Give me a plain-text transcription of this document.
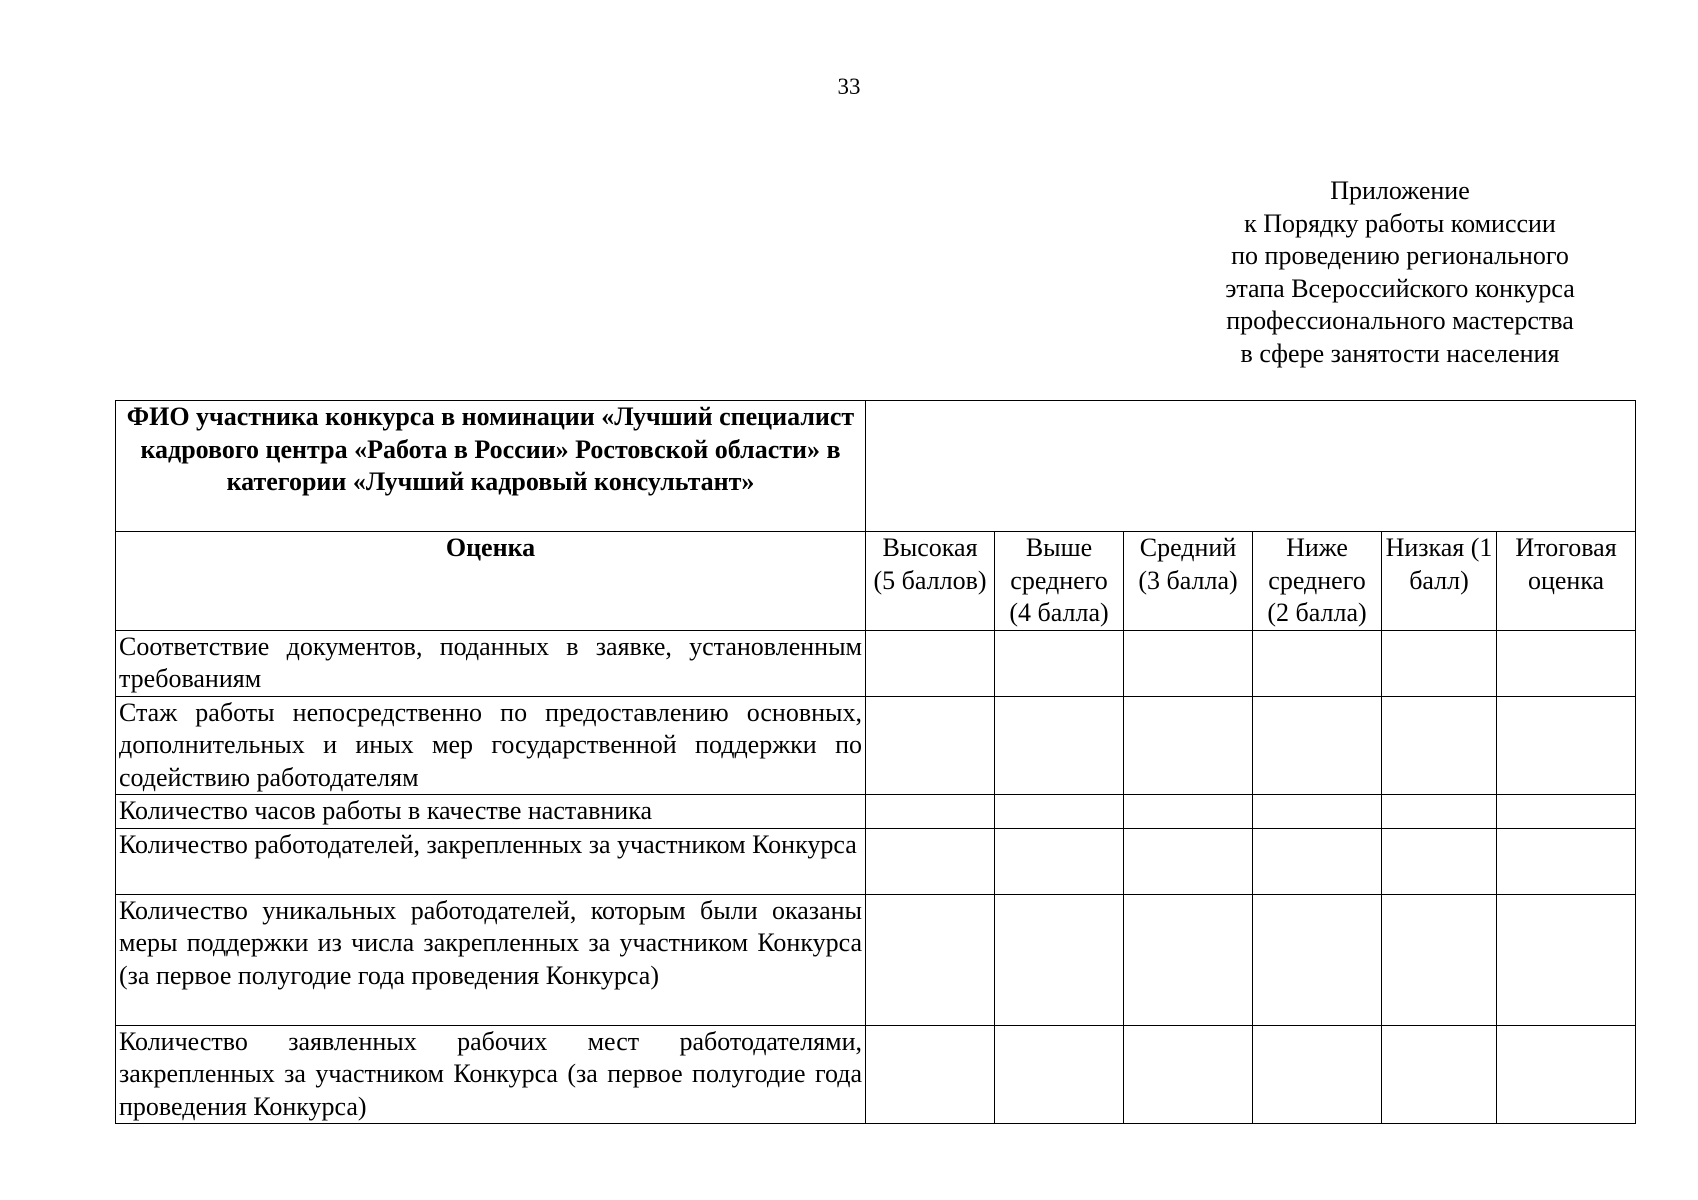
33
Приложение
к Порядку работы комиссии
по проведению регионального
этапа Всероссийского конкурса
профессионального мастерства
в сфере занятости населения
ФИО участника конкурса в номинации «Лучший специалист кадрового центра «Работа в России» Ростовской области» в категории «Лучший кадровый консультант»						
Оценка	Высокая (5 баллов)	Выше среднего (4 балла)	Средний (3 балла)	Ниже среднего (2 балла)	Низкая (1 балл)	Итоговая оценка
Соответствие документов, поданных в заявке, установленным требованиям						
Стаж работы непосредственно по предоставлению основных, дополнительных и иных мер государственной поддержки по содействию работодателям						
Количество часов работы в качестве наставника						
Количество работодателей, закрепленных за участником Конкурса						
Количество уникальных работодателей, которым были оказаны меры поддержки из числа закрепленных за участником Конкурса (за первое полугодие года проведения Конкурса)						
Количество заявленных рабочих мест работодателями, закрепленных за участником Конкурса (за первое полугодие года проведения Конкурса)						
